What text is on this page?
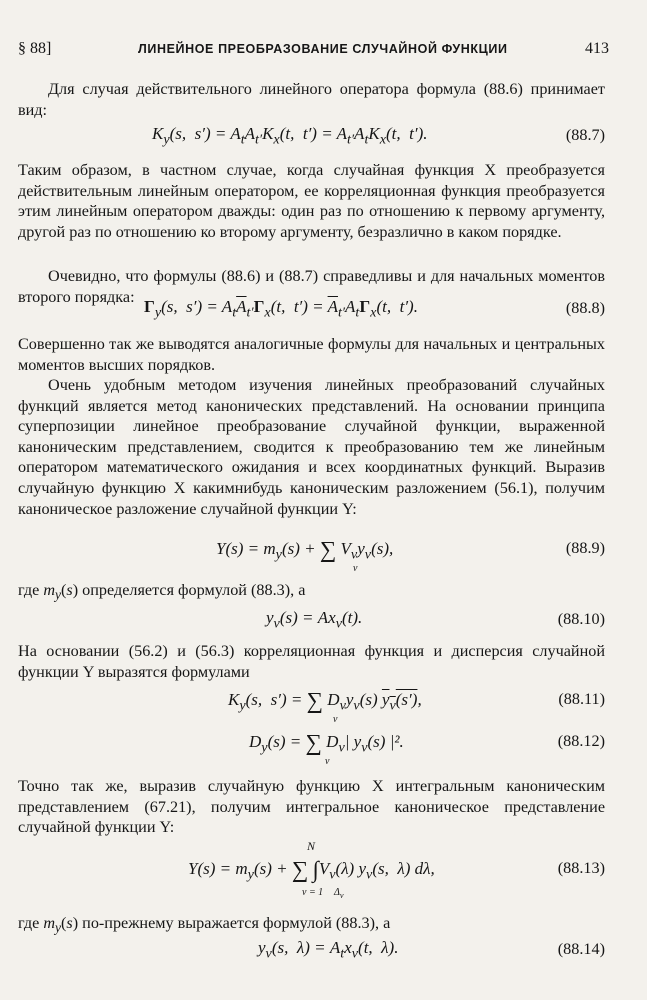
§ 88]	ЛИНЕЙНОЕ ПРЕОБРАЗОВАНИЕ СЛУЧАЙНОЙ ФУНКЦИИ	413
Для случая действительного линейного оператора формула (88.6) принимает вид:
$K_y(s$,  $s') = A_tA_{t'}K_x(t$,  $t') = A_{t'}A_tK_x(t$,  t′).	(88.7)
Таким образом, в частном случае, когда случайная функция X преобразуется действительным линейным оператором, ее корреляционная функция преобразуется этим линейным оператором дважды: один раз по отношению к первому аргументу, другой раз по отношению ко второму аргументу, безразлично в каком порядке.
Очевидно, что формулы (88.6) и (88.7) справедливы и для начальных моментов второго порядка:
$\Gamma_y(s$,  $s') = A_t\overline{A}_{t'}\Gamma_x(t$,  $t') = \overline{A}_{t'}A_t\Gamma_x(t$,  t′).	(88.8)
Совершенно так же выводятся аналогичные формулы для начальных и центральных моментов высших порядков.
Очень удобным методом изучения линейных преобразований случайных функций является метод канонических представлений. На основании принципа суперпозиции линейное преобразование случайной функции, выраженной каноническим представлением, сводится к преобразованию тем же линейным оператором математического ожидания и всех координатных функций. Выразив случайную функцию X какимнибудь каноническим разложением (56.1), получим каноническое разложение случайной функции Y:
$Y(s) = m_y(s)$ + ∑ $V_\nu y_\nu(s)$,
ν
(88.9)
где $m_y(s)$ определяется формулой (88.3), а
$y_\nu(s) = Ax_\nu(t)$.	(88.10)
На основании (56.2) и (56.3) корреляционная функция и дисперсия случайной функции Y выразятся формулами
$K_y(s$,  s′) = ∑ $D_\nu y_\nu(s)$ $y_\nu(s')$,
ν
(88.11)
$D_y(s)$ = ∑ $D_\nu|$ $y_\nu(s)$ |².
ν
(88.12)
Точно так же, выразив случайную функцию X интегральным каноническим представлением (67.21), получим интегральное каноническое представление случайной функции Y:
$Y(s) = m_y(s)$ + ∑ $\int V_\nu(\lambda)$ $y_\nu(s$,  λ) dλ,
N
ν = 1 $\Delta_\nu$
(88.13)
где $m_y(s)$ по-прежнему выражается формулой (88.3), а
$y_\nu(s$,  $\lambda) = A_tx_\nu(t$,  λ).	(88.14)
